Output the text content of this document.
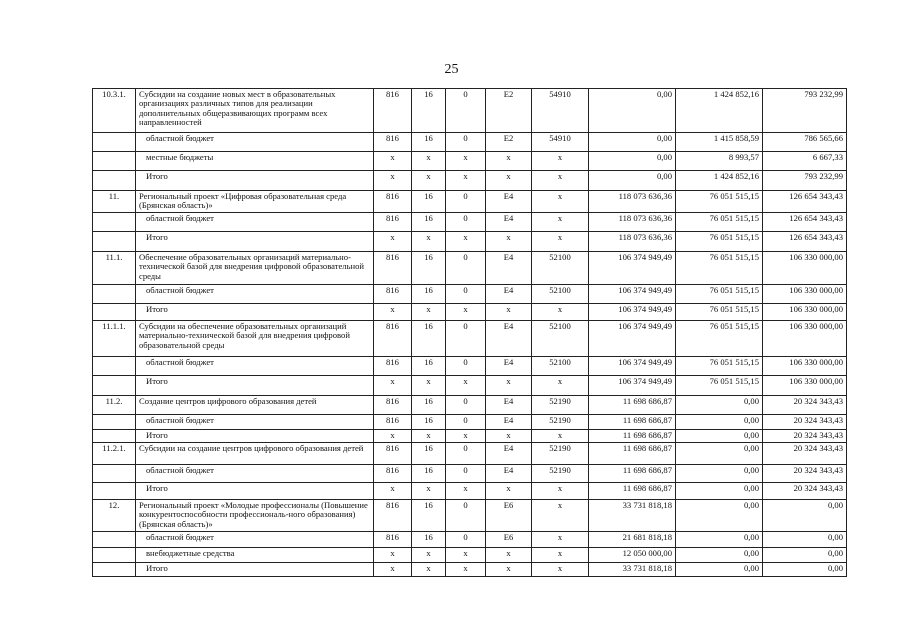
25
10.3.1.	Субсидии на создание новых мест в образовательных организациях различных типов для реализации дополнительных общеразвивающих программ всех направленностей	816	16	0	E2	54910	0,00	1 424 852,16	793 232,99
	областной бюджет	816	16	0	E2	54910	0,00	1 415 858,59	786 565,66
	местные бюджеты	x	x	x	x	x	0,00	8 993,57	6 667,33
	Итого	x	x	x	x	x	0,00	1 424 852,16	793 232,99
11.	Региональный проект «Цифровая образовательная среда (Брянская область)»	816	16	0	E4	x	118 073 636,36	76 051 515,15	126 654 343,43
	областной бюджет	816	16	0	E4	x	118 073 636,36	76 051 515,15	126 654 343,43
	Итого	x	x	x	x	x	118 073 636,36	76 051 515,15	126 654 343,43
11.1.	Обеспечение образовательных организаций материально-технической базой для внедрения цифровой образовательной среды	816	16	0	E4	52100	106 374 949,49	76 051 515,15	106 330 000,00
	областной бюджет	816	16	0	E4	52100	106 374 949,49	76 051 515,15	106 330 000,00
	Итого	x	x	x	x	x	106 374 949,49	76 051 515,15	106 330 000,00
11.1.1.	Субсидии на обеспечение образовательных организаций материально-технической базой для внедрения цифровой образовательной среды	816	16	0	E4	52100	106 374 949,49	76 051 515,15	106 330 000,00
	областной бюджет	816	16	0	E4	52100	106 374 949,49	76 051 515,15	106 330 000,00
	Итого	x	x	x	x	x	106 374 949,49	76 051 515,15	106 330 000,00
11.2.	Создание центров цифрового образования детей	816	16	0	E4	52190	11 698 686,87	0,00	20 324 343,43
	областной бюджет	816	16	0	E4	52190	11 698 686,87	0,00	20 324 343,43
	Итого	x	x	x	x	x	11 698 686,87	0,00	20 324 343,43
11.2.1.	Субсидии на создание центров цифрового образования детей	816	16	0	E4	52190	11 698 686,87	0,00	20 324 343,43
	областной бюджет	816	16	0	E4	52190	11 698 686,87	0,00	20 324 343,43
	Итого	x	x	x	x	x	11 698 686,87	0,00	20 324 343,43
12.	Региональный проект «Молодые профессионалы (Повышение конкурентоспособности профессиональ-ного образования) (Брянская область)»	816	16	0	E6	x	33 731 818,18	0,00	0,00
	областной бюджет	816	16	0	E6	x	21 681 818,18	0,00	0,00
	внебюджетные средства	x	x	x	x	x	12 050 000,00	0,00	0,00
	Итого	x	x	x	x	x	33 731 818,18	0,00	0,00
